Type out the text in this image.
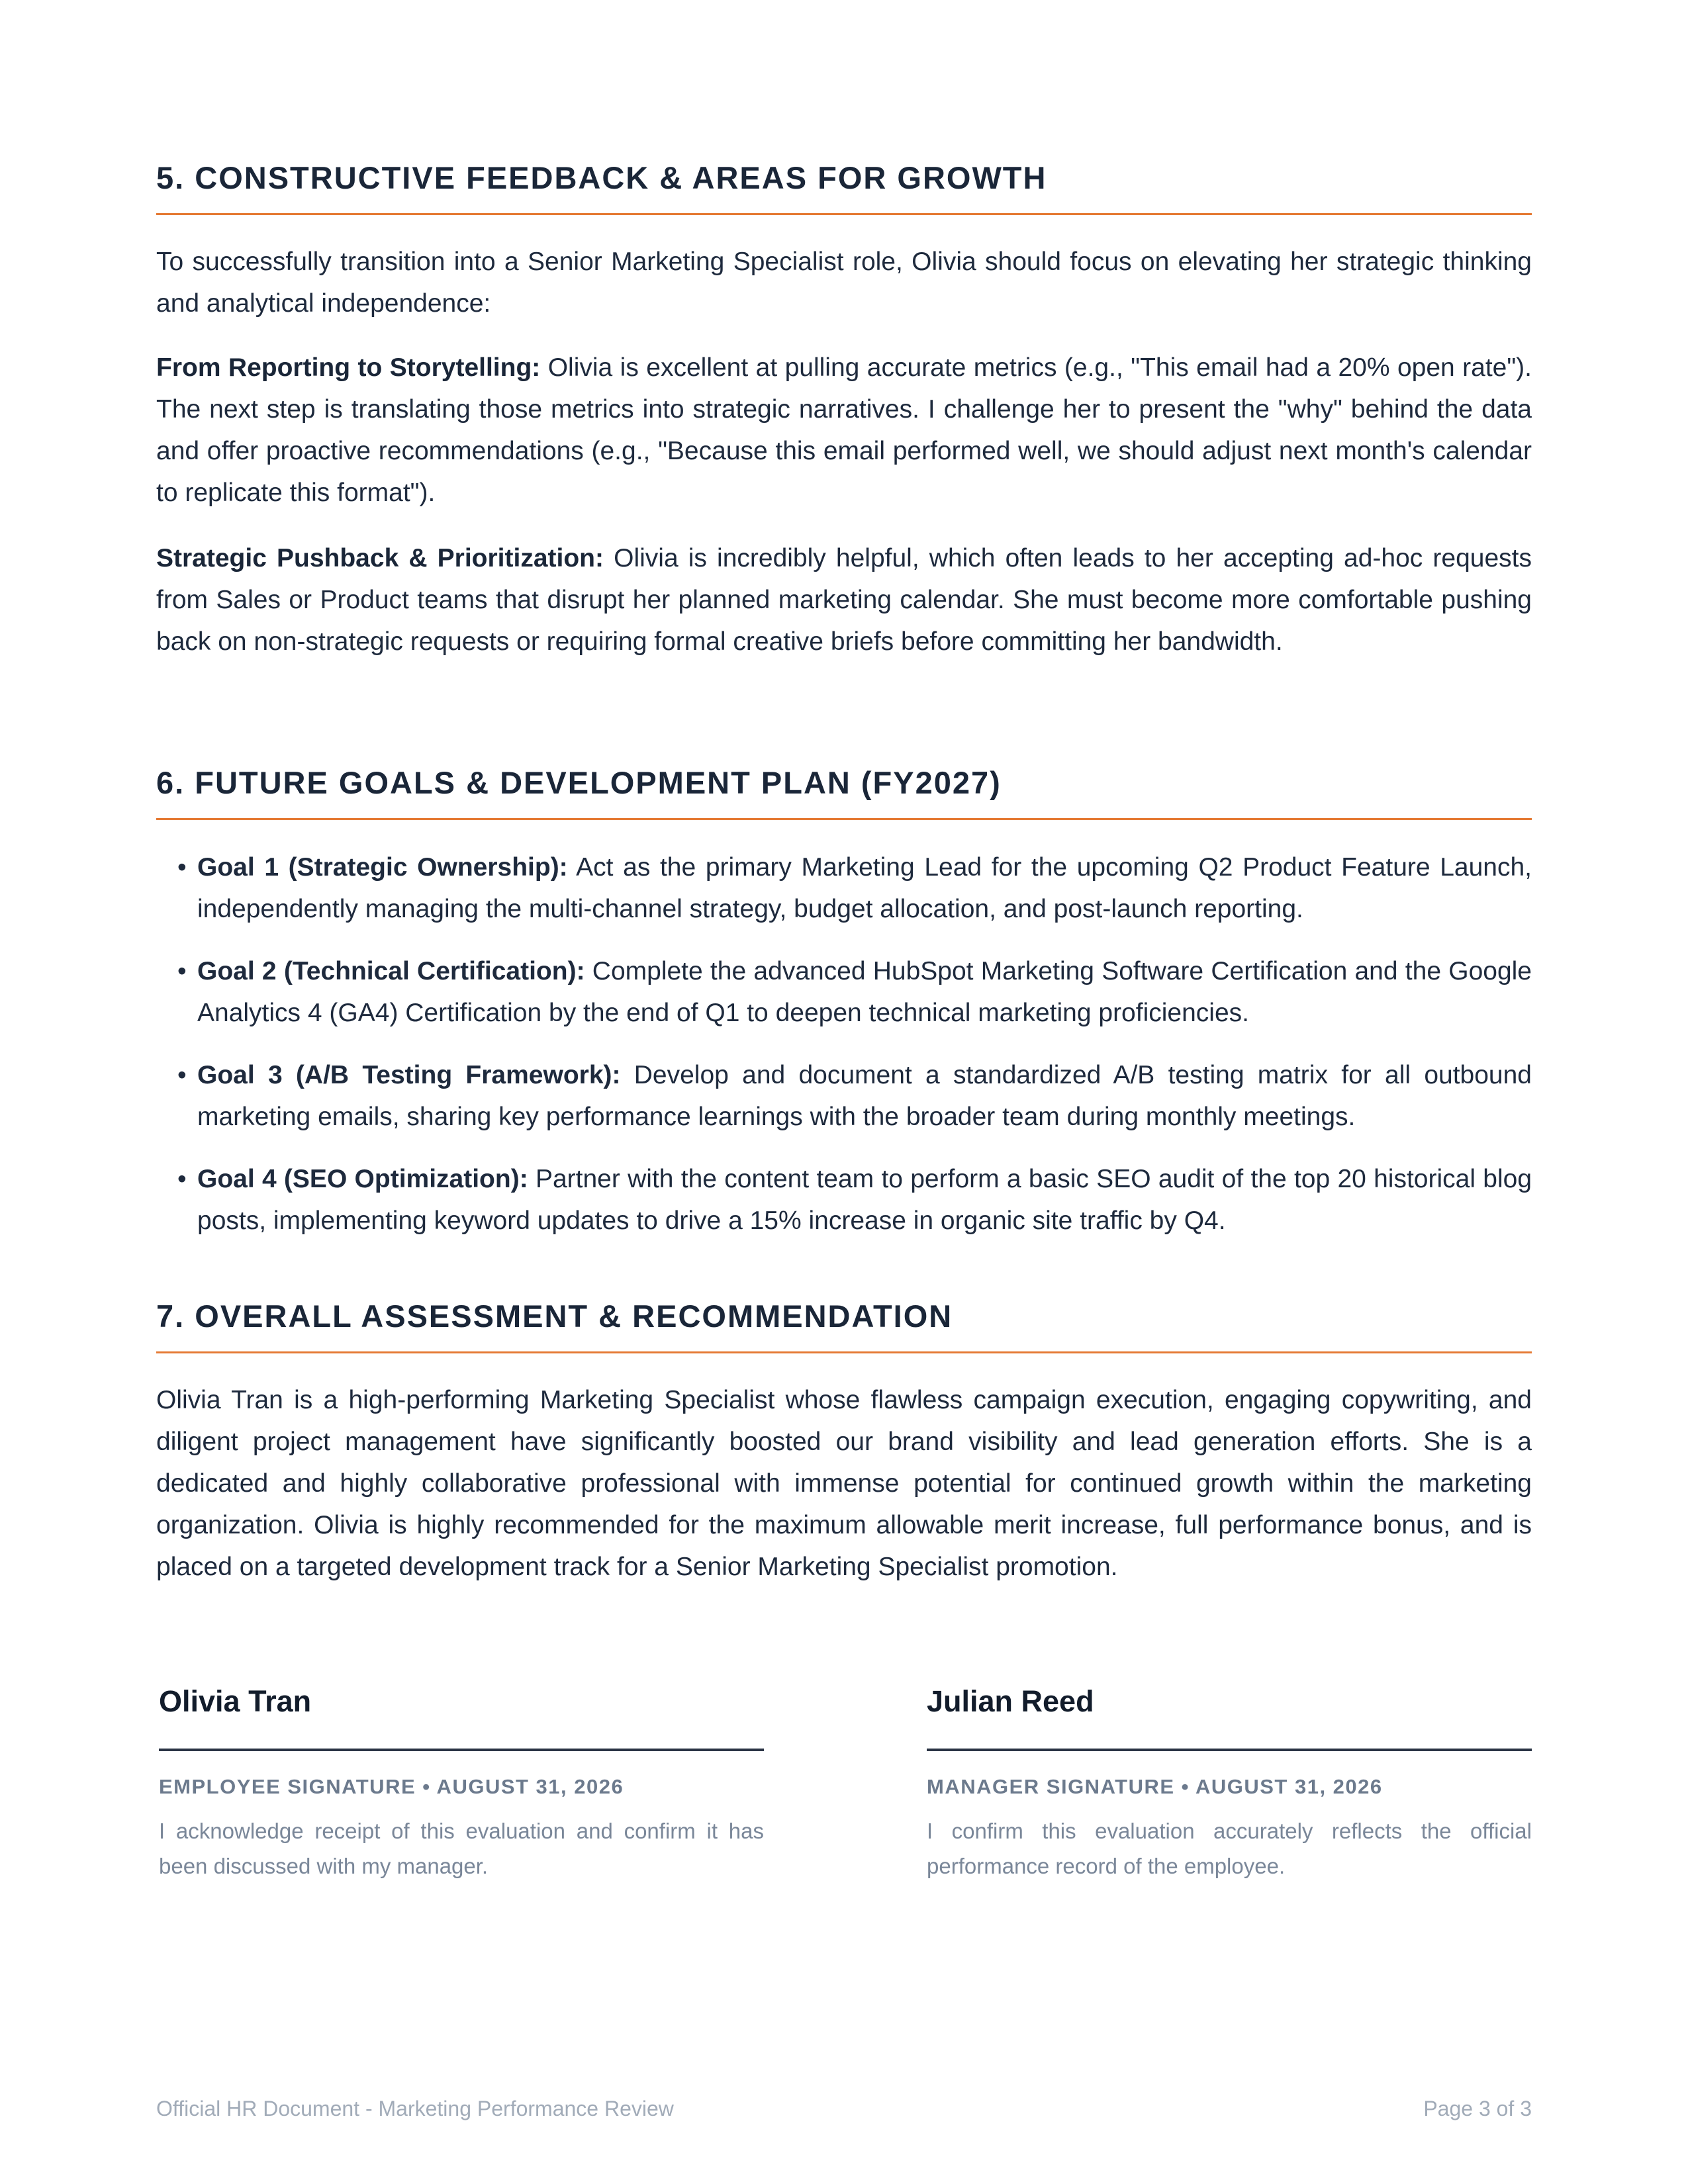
5. CONSTRUCTIVE FEEDBACK & AREAS FOR GROWTH

To successfully transition into a Senior Marketing Specialist role, Olivia should focus on elevating her strategic thinking and analytical independence:

From Reporting to Storytelling: Olivia is excellent at pulling accurate metrics (e.g., "This email had a 20% open rate"). The next step is translating those metrics into strategic narratives. I challenge her to present the "why" behind the data and offer proactive recommendations (e.g., "Because this email performed well, we should adjust next month's calendar to replicate this format").

Strategic Pushback & Prioritization: Olivia is incredibly helpful, which often leads to her accepting ad-hoc requests from Sales or Product teams that disrupt her planned marketing calendar. She must become more comfortable pushing back on non-strategic requests or requiring formal creative briefs before committing her bandwidth.

6. FUTURE GOALS & DEVELOPMENT PLAN (FY2027)

• Goal 1 (Strategic Ownership): Act as the primary Marketing Lead for the upcoming Q2 Product Feature Launch, independently managing the multi-channel strategy, budget allocation, and post-launch reporting.

• Goal 2 (Technical Certification): Complete the advanced HubSpot Marketing Software Certification and the Google Analytics 4 (GA4) Certification by the end of Q1 to deepen technical marketing proficiencies.

• Goal 3 (A/B Testing Framework): Develop and document a standardized A/B testing matrix for all outbound marketing emails, sharing key performance learnings with the broader team during monthly meetings.

• Goal 4 (SEO Optimization): Partner with the content team to perform a basic SEO audit of the top 20 historical blog posts, implementing keyword updates to drive a 15% increase in organic site traffic by Q4.

7. OVERALL ASSESSMENT & RECOMMENDATION

Olivia Tran is a high-performing Marketing Specialist whose flawless campaign execution, engaging copywriting, and diligent project management have significantly boosted our brand visibility and lead generation efforts. She is a dedicated and highly collaborative professional with immense potential for continued growth within the marketing organization. Olivia is highly recommended for the maximum allowable merit increase, full performance bonus, and is placed on a targeted development track for a Senior Marketing Specialist promotion.

Olivia Tran

EMPLOYEE SIGNATURE • AUGUST 31, 2026
I acknowledge receipt of this evaluation and confirm it has been discussed with my manager.

Julian Reed

MANAGER SIGNATURE • AUGUST 31, 2026
I confirm this evaluation accurately reflects the official performance record of the employee.
Official HR Document - Marketing Performance Review	Page 3 of 3
